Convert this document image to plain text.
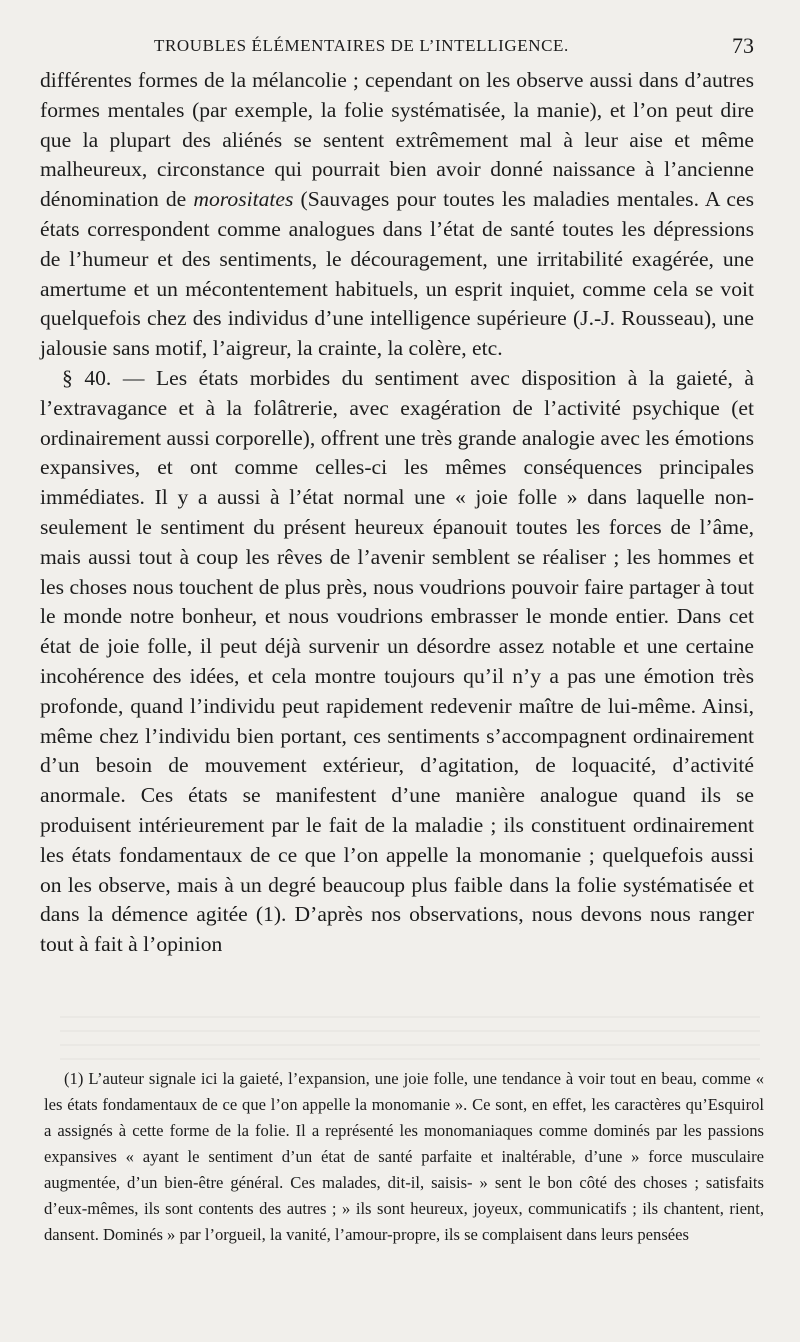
TROUBLES ÉLÉMENTAIRES DE L’INTELLIGENCE.	73

différentes formes de la mélancolie ; cependant on les observe aussi dans d’autres formes mentales (par exemple, la folie systématisée, la manie), et l’on peut dire que la plupart des aliénés se sentent extrêmement mal à leur aise et même malheureux, circonstance qui pourrait bien avoir donné naissance à l’ancienne dénomination de morositates (Sauvages pour toutes les maladies mentales. A ces états correspondent comme analogues dans l’état de santé toutes les dépressions de l’humeur et des sentiments, le découragement, une irritabilité exagérée, une amertume et un mécontentement habituels, un esprit inquiet, comme cela se voit quelquefois chez des individus d’une intelligence supérieure (J.-J. Rousseau), une jalousie sans motif, l’aigreur, la crainte, la colère, etc.

§ 40. — Les états morbides du sentiment avec disposition à la gaieté, à l’extravagance et à la folâtrerie, avec exagération de l’activité psychique (et ordinairement aussi corporelle), offrent une très grande analogie avec les émotions expansives, et ont comme celles-ci les mêmes conséquences principales immédiates. Il y a aussi à l’état normal une « joie folle » dans laquelle non-seulement le sentiment du présent heureux épanouit toutes les forces de l’âme, mais aussi tout à coup les rêves de l’avenir semblent se réaliser ; les hommes et les choses nous touchent de plus près, nous voudrions pouvoir faire partager à tout le monde notre bonheur, et nous voudrions embrasser le monde entier. Dans cet état de joie folle, il peut déjà survenir un désordre assez notable et une certaine incohérence des idées, et cela montre toujours qu’il n’y a pas une émotion très profonde, quand l’individu peut rapidement redevenir maître de lui-même. Ainsi, même chez l’individu bien portant, ces sentiments s’accompagnent ordinairement d’un besoin de mouvement extérieur, d’agitation, de loquacité, d’activité anormale. Ces états se manifestent d’une manière analogue quand ils se produisent intérieurement par le fait de la maladie ; ils constituent ordinairement les états fondamentaux de ce que l’on appelle la monomanie ; quelquefois aussi on les observe, mais à un degré beaucoup plus faible dans la folie systématisée et dans la démence agitée (1). D’après nos observations, nous devons nous ranger tout à fait à l’opinion

(1) L’auteur signale ici la gaieté, l’expansion, une joie folle, une tendance à voir tout en beau, comme « les états fondamentaux de ce que l’on appelle la monomanie ». Ce sont, en effet, les caractères qu’Esquirol a assignés à cette forme de la folie. Il a représenté les monomaniaques comme dominés par les passions expansives « ayant le sentiment d’un état de santé parfaite et inaltérable, d’une » force musculaire augmentée, d’un bien-être général. Ces malades, dit-il, saisis- » sent le bon côté des choses ; satisfaits d’eux-mêmes, ils sont contents des autres ; » ils sont heureux, joyeux, communicatifs ; ils chantent, rient, dansent. Dominés » par l’orgueil, la vanité, l’amour-propre, ils se complaisent dans leurs pensées
